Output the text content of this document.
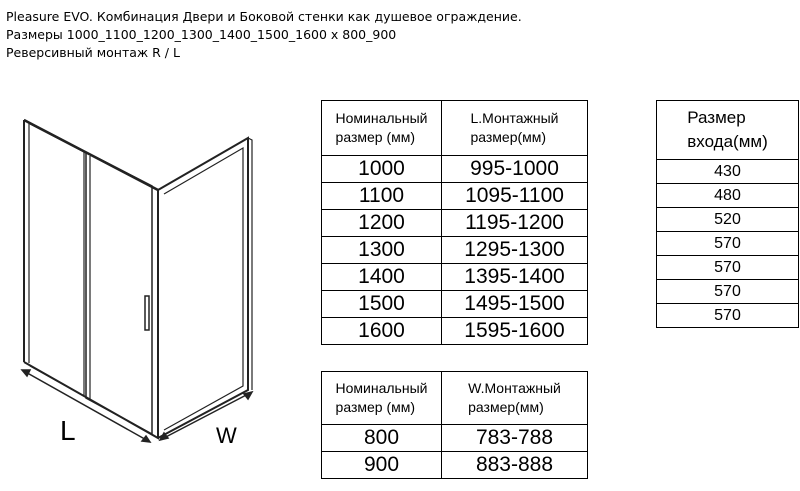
Pleasure EVO. Комбинация Двери и Боковой стенки как душевое ограждение.
Размеры 1000_1100_1200_1300_1400_1500_1600 х 800_900
Реверсивный монтаж R / L
L	W
Номинальный
размер (мм)	L.Монтажный
размер(мм)
1000	995-1000
1100	1095-1100
1200	1195-1200
1300	1295-1300
1400	1395-1400
1500	1495-1500
1600	1595-1600
Размер
входа(мм)
430
480
520
570
570
570
570
Номинальный
размер (мм)	W.Монтажный
размер(мм)
800	783-788
900	883-888
